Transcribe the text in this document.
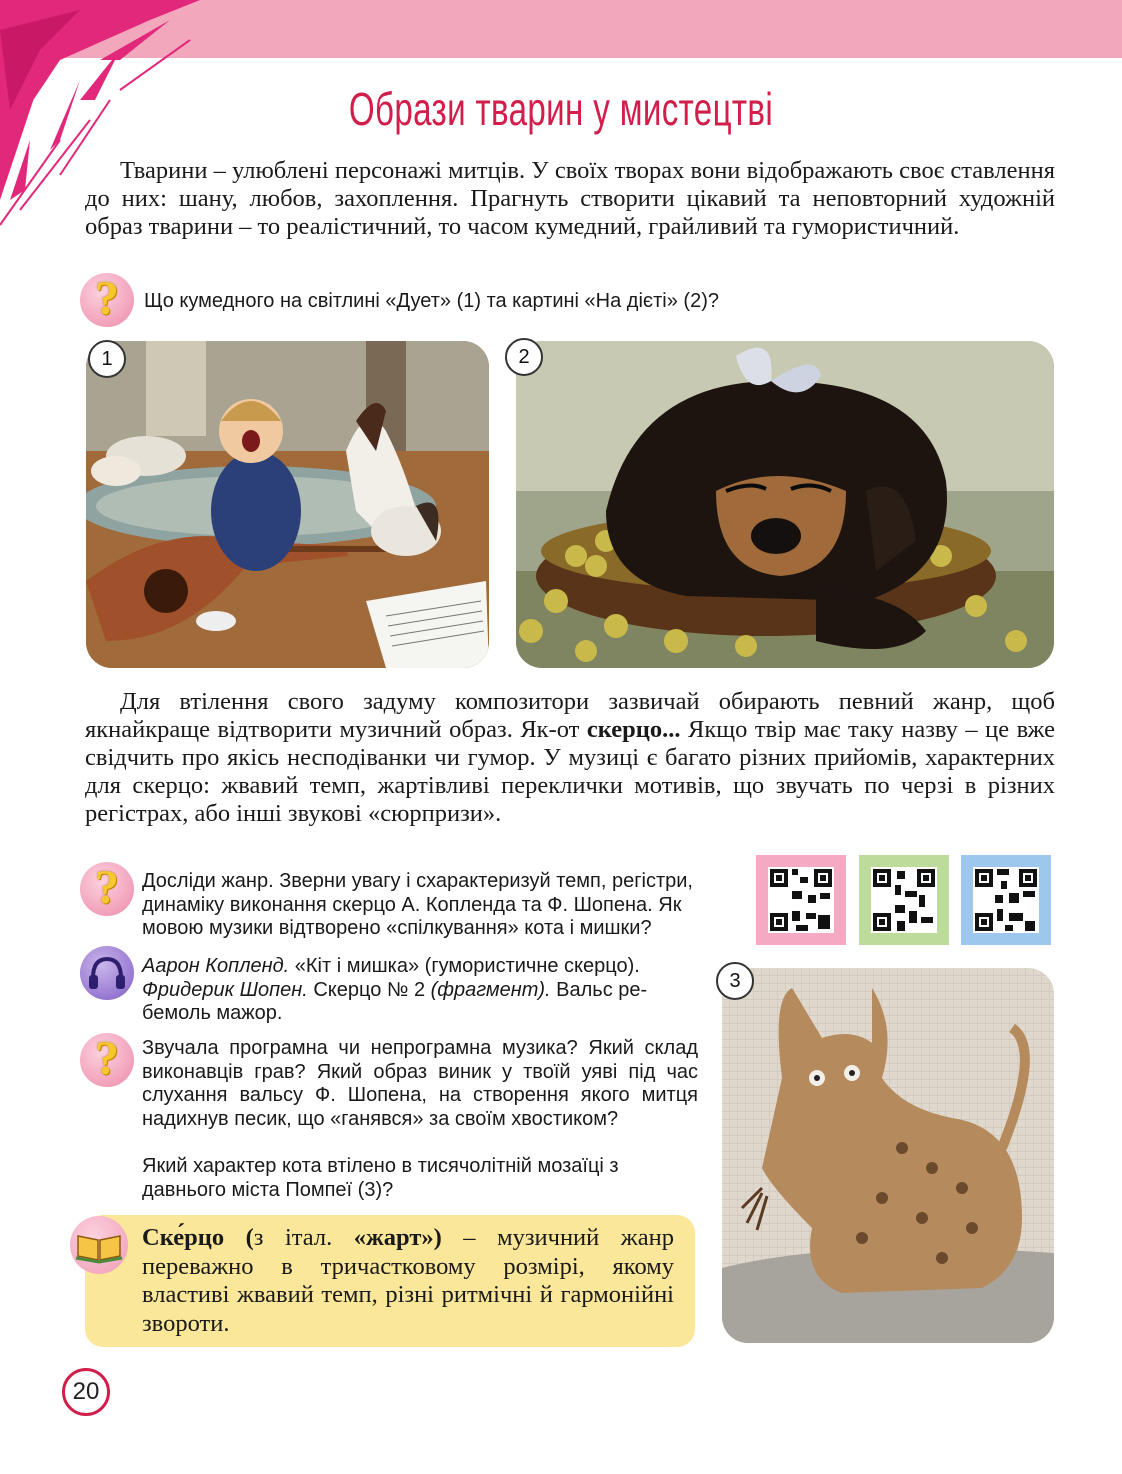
Образи тварин у мистецтві

Тварини – улюблені персонажі митців. У своїх творах вони відображають своє ставлення до них: шану, любов, захоплення. Прагнуть створити цікавий та неповторний художній образ тварини – то реалістичний, то часом кумедний, грайливий та гумористичний.

?	Що кумедного на світлині «Дует» (1) та картині «На дієті» (2)?
1	2

Для втілення свого задуму композитори зазвичай обирають певний жанр, щоб якнайкраще відтворити музичний образ. Як-от скерцо... Якщо твір має таку назву – це вже свідчить про якісь несподіванки чи гумор. У музиці є багато різних прийомів, характерних для скерцо: жвавий темп, жартівливі переклички мотивів, що звучать по черзі в різних регістрах, або інші звукові «сюрпризи».

?	Досліди жанр. Зверни увагу і схарактеризуй темп, регістри, динаміку виконання скерцо А. Копленда та Ф. Шопена. Як мовою музики відтворено «спілкування» кота і мишки?
Аарон Копленд. «Кіт і мишка» (гумористичне скерцо).
Фридерик Шопен. Скерцо № 2 (фрагмент). Вальс ре-бемоль мажор.
?	Звучала програмна чи непрограмна музика? Який склад виконавців грав? Який образ виник у твоїй уяві під час слухання вальсу Ф. Шопена, на створення якого митця надихнув песик, що «ганявся» за своїм хвостиком?
Який характер кота втілено в тисячолітній мозаїці з давнього міста Помпеї (3)?
3
Ске́рцо (з італ. «жарт») – музичний жанр переважно в тричастковому розмірі, якому властиві жвавий темп, різні ритмічні й гармонійні звороти.
20
